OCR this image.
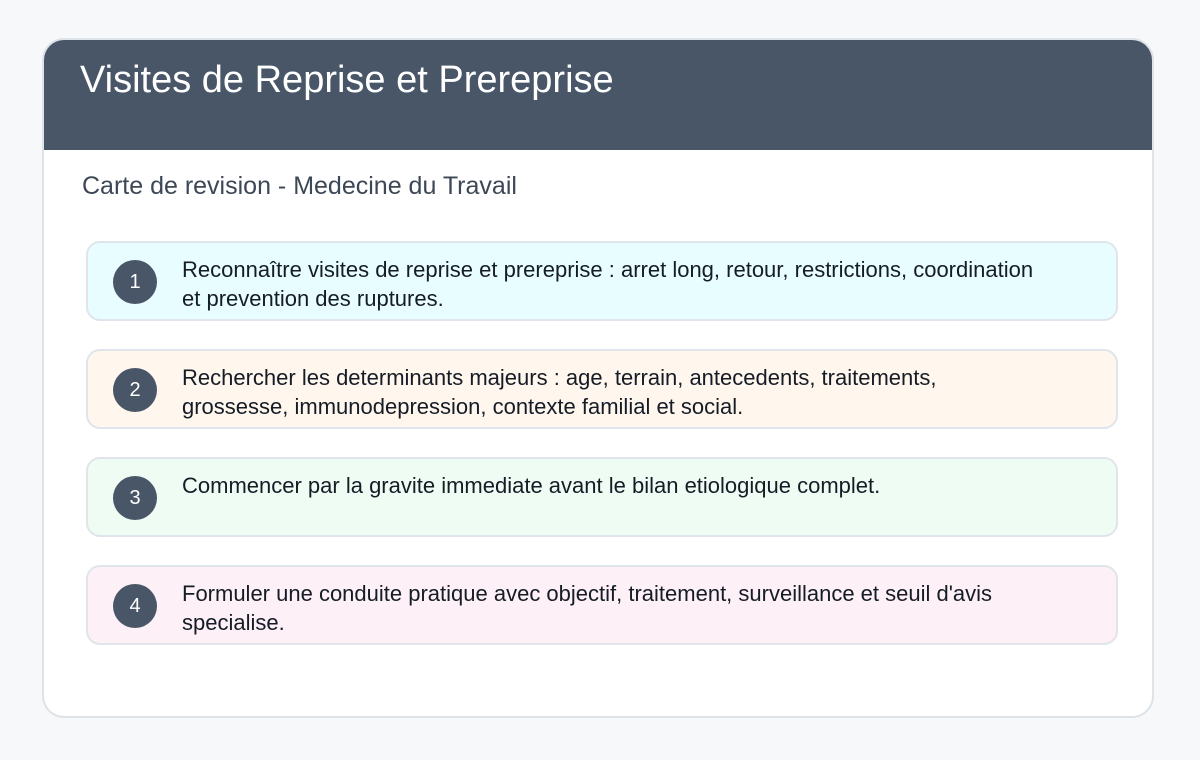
Visites de Reprise et Prereprise
Carte de revision - Medecine du Travail
1	Reconnaître visites de reprise et prereprise : arret long, retour, restrictions, coordination et prevention des ruptures.
2	Rechercher les determinants majeurs : age, terrain, antecedents, traitements, grossesse, immunodepression, contexte familial et social.
3	Commencer par la gravite immediate avant le bilan etiologique complet.
4	Formuler une conduite pratique avec objectif, traitement, surveillance et seuil d'avis specialise.
